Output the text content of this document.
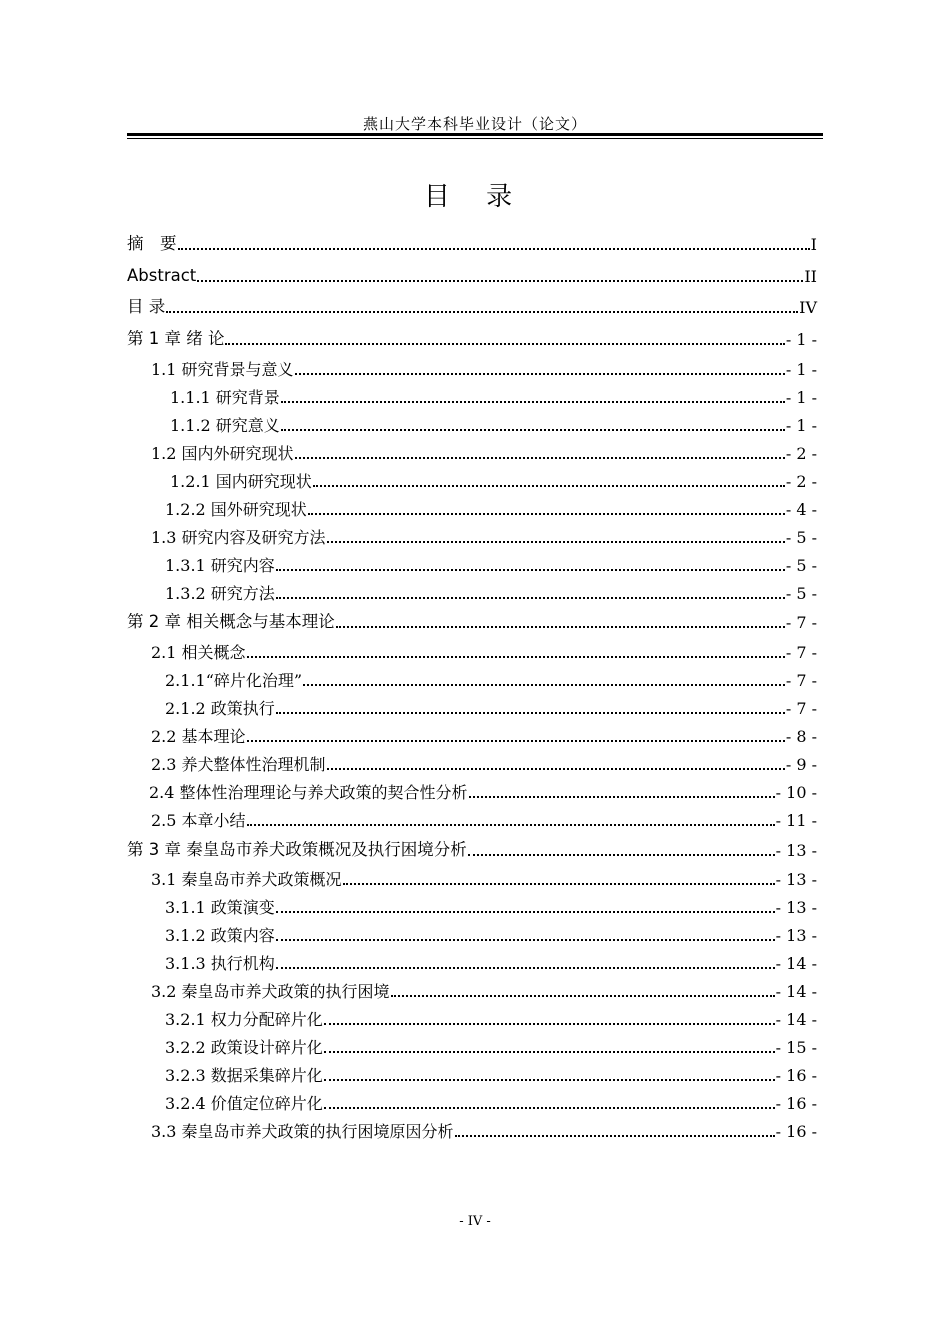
燕山大学本科毕业设计（论文）
目 录
摘　要	I
Abstract	II
目 录	IV
第 1 章 绪 论	- 1 -
1.1 研究背景与意义	- 1 -
1.1.1 研究背景	- 1 -
1.1.2 研究意义	- 1 -
1.2 国内外研究现状	- 2 -
1.2.1 国内研究现状	- 2 -
1.2.2 国外研究现状	- 4 -
1.3 研究内容及研究方法	- 5 -
1.3.1 研究内容	- 5 -
1.3.2 研究方法	- 5 -
第 2 章 相关概念与基本理论	- 7 -
2.1 相关概念	- 7 -
2.1.1“碎片化治理”	- 7 -
2.1.2 政策执行	- 7 -
2.2 基本理论	- 8 -
2.3 养犬整体性治理机制	- 9 -
2.4 整体性治理理论与养犬政策的契合性分析	- 10 -
2.5 本章小结	- 11 -
第 3 章 秦皇岛市养犬政策概况及执行困境分析	- 13 -
3.1 秦皇岛市养犬政策概况	- 13 -
3.1.1 政策演变	- 13 -
3.1.2 政策内容	- 13 -
3.1.3 执行机构	- 14 -
3.2 秦皇岛市养犬政策的执行困境	- 14 -
3.2.1 权力分配碎片化	- 14 -
3.2.2 政策设计碎片化	- 15 -
3.2.3 数据采集碎片化	- 16 -
3.2.4 价值定位碎片化	- 16 -
3.3 秦皇岛市养犬政策的执行困境原因分析	- 16 -
- IV -
